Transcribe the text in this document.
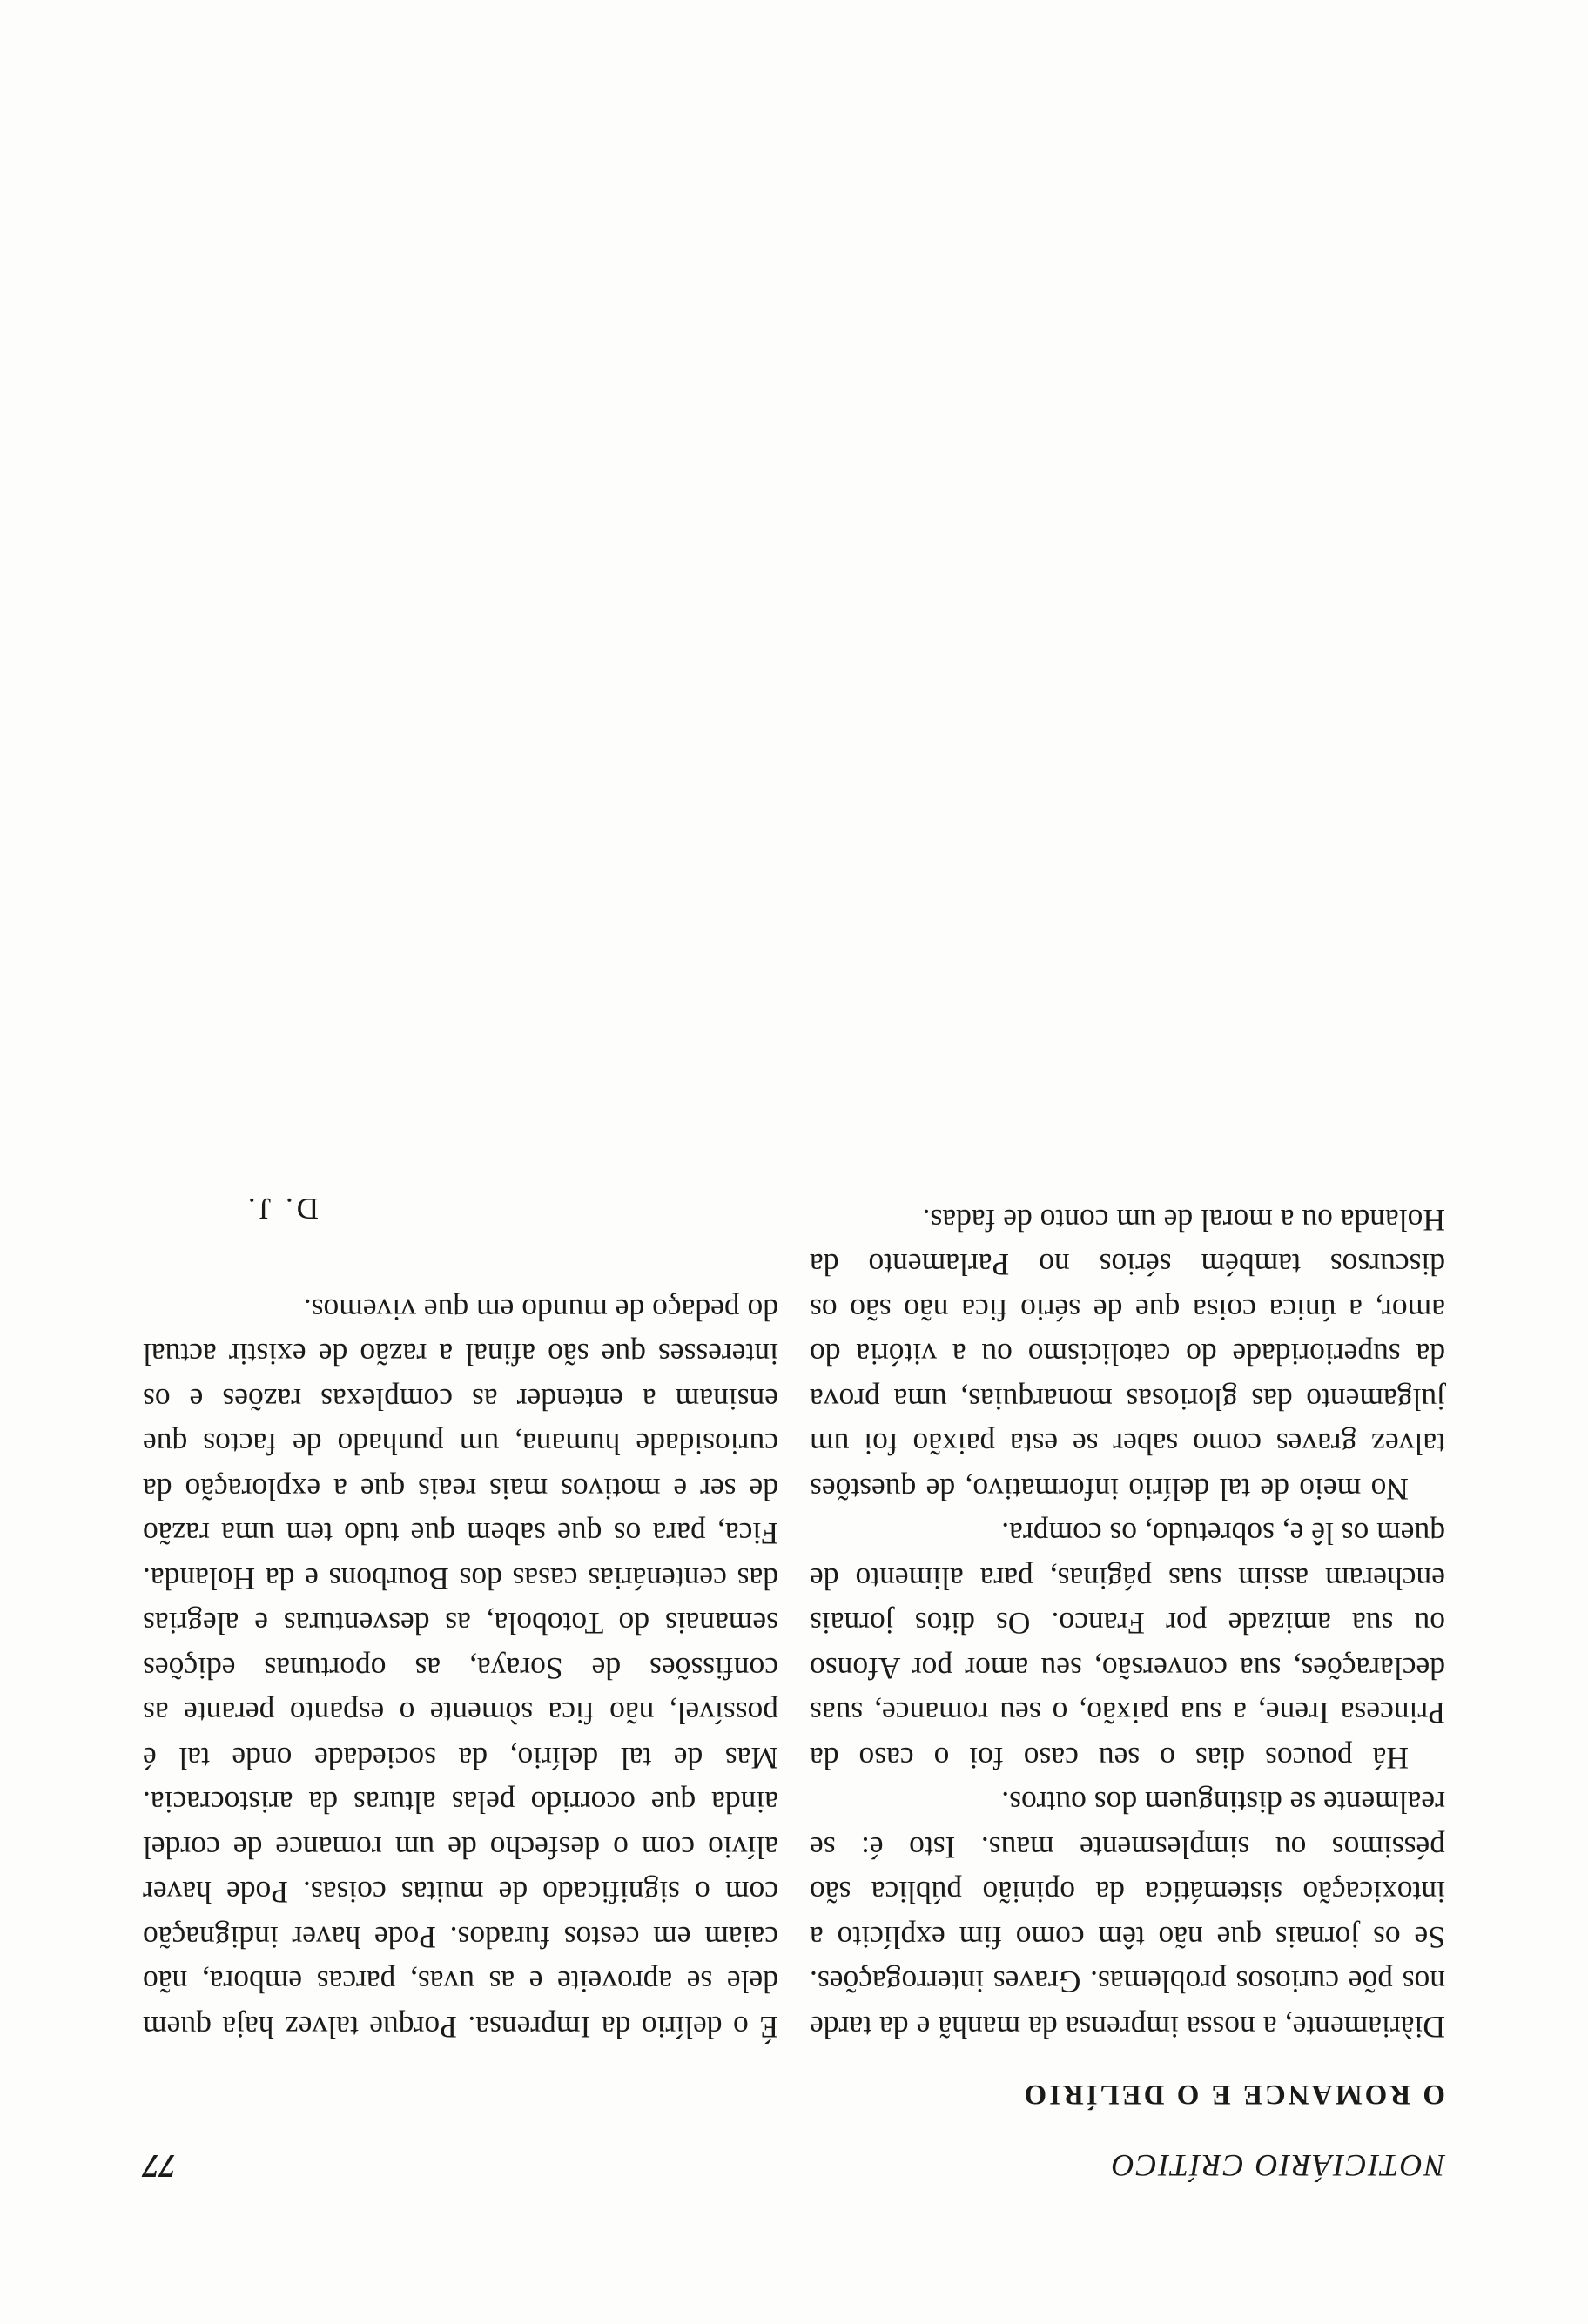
NOTICIÁRIO CRÍTICO
77
O ROMANCE E O DELÍRIO

Diàriamente, a nossa imprensa da manhã e da tarde nos põe curiosos problemas. Graves interrogações. Se os jornais que não têm como fim explícito a intoxicação sistemática da opinião pública são péssimos ou simplesmente maus. Isto é: se realmente se distinguem dos outros.

Há poucos dias o seu caso foi o caso da Princesa Irene, a sua paixão, o seu romance, suas declarações, sua conversão, seu amor por Afonso ou sua amizade por Franco. Os ditos jornais encheram assim suas páginas, para alimento de quem os lê e, sobretudo, os compra.

No meio de tal delírio informativo, de questões talvez graves como saber se esta paixão foi um julgamento das gloriosas monarquias, uma prova da superioridade do catolicismo ou a vitória do amor, a única coisa que de sério fica não são os discursos também sérios no Parlamento da Holanda ou a moral de um conto de fadas.

É o delírio da Imprensa. Porque talvez haja quem dele se aproveite e as uvas, parcas embora, não caiam em cestos furados. Pode haver indignação com o significado de muitas coisas. Pode haver alívio com o desfecho de um romance de cordel ainda que ocorrido pelas alturas da aristocracia. Mas de tal delírio, da sociedade onde tal é possível, não fica sòmente o espanto perante as confissões de Soraya, as oportunas edições semanais do Totobola, as desventuras e alegrias das centenárias casas dos Bourbons e da Holanda. Fica, para os que sabem que tudo tem uma razão de ser e motivos mais reais que a exploração da curiosidade humana, um punhado de factos que ensinam a entender as complexas razões e os interesses que são afinal a razão de existir actual do pedaço de mundo em que vivemos.

D. J.
